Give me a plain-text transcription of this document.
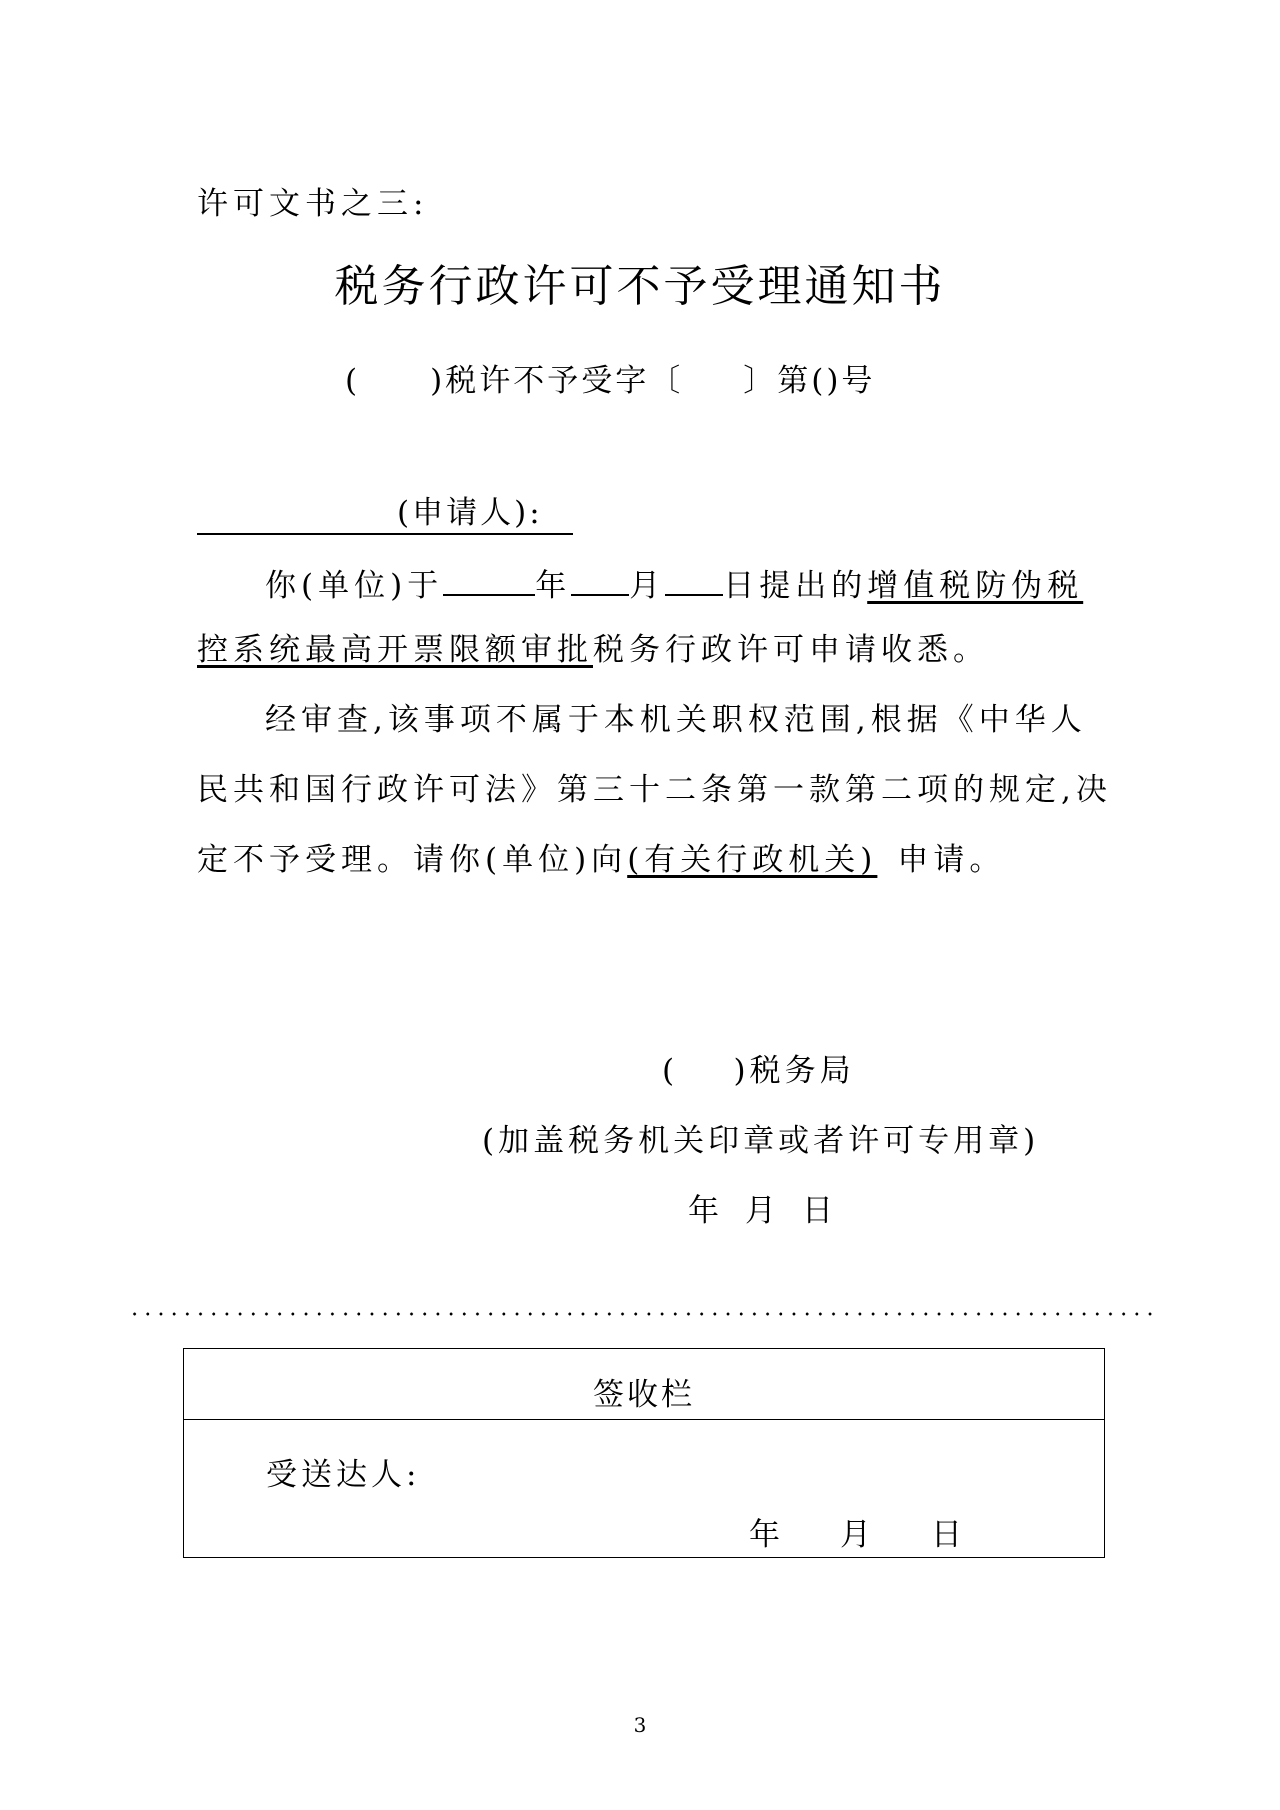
许可文书之三:
税务行政许可不予受理通知书
( )税许不予受字〔 〕第()号
(申请人):
你(单位)于	年 月 日提出的增值税防伪税
控系统最高开票限额审批税务行政许可申请收悉。
经审查,该事项不属于本机关职权范围,根据《中华人
民共和国行政许可法》第三十二条第一款第二项的规定,决
定不予受理。请你(单位)向(有关行政机关) 申请。
(    )税务局
(加盖税务机关印章或者许可专用章)
年 月 日
签收栏
受送达人:
年 月 日
3
